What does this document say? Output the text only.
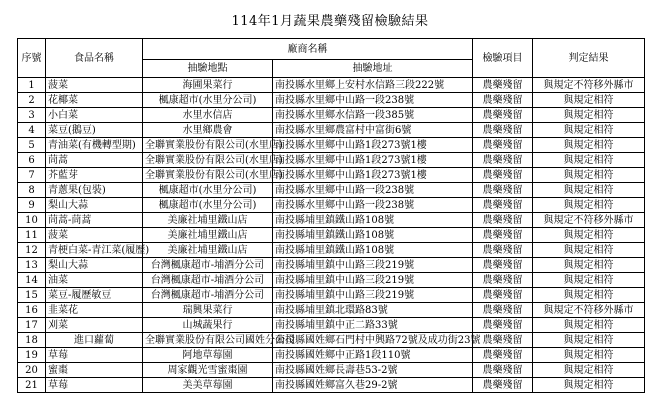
114年1月蔬果農藥殘留檢驗結果
序號	食品名稱	廠商名稱		檢驗項目	判定結果
		抽驗地點	抽驗地址		
1	菠菜	海圃果菜行	南投縣水里鄉上安村水信路三段222號	農藥殘留	與規定不符移外縣市
2	花椰菜	楓康超市(水里分公司)	南投縣水里鄉中山路一段238號	農藥殘留	與規定相符
3	小白菜	水里水信店	南投縣水里鄉水信路一段385號	農藥殘留	與規定相符
4	菜豆(鵝豆)	水里鄉農會	南投縣水里鄉農富村中富街6號	農藥殘留	與規定相符
5	青油菜(有機轉型期)	全聯實業股份有限公司(水里店)	南投縣水里鄉中山路1段273號1樓	農藥殘留	與規定相符
6	茼蒿	全聯實業股份有限公司(水里店)	南投縣水里鄉中山路1段273號1樓	農藥殘留	與規定相符
7	芥藍芽	全聯實業股份有限公司(水里店)	南投縣水里鄉中山路1段273號1樓	農藥殘留	與規定相符
8	青蔥果(包裝)	楓康超市(水里分公司)	南投縣水里鄉中山路一段238號	農藥殘留	與規定相符
9	梨山大蒜	楓康超市(水里分公司)	南投縣水里鄉中山路一段238號	農藥殘留	與規定相符
10	茼蒿-茼蒿	美廉社埔里鐵山店	南投縣埔里鎮鐵山路108號	農藥殘留	與規定不符移外縣市
11	菠菜	美廉社埔里鐵山店	南投縣埔里鎮鐵山路108號	農藥殘留	與規定相符
12	青梗白菜-青江菜(履歷)	美廉社埔里鐵山店	南投縣埔里鎮鐵山路108號	農藥殘留	與規定相符
13	梨山大蒜	台灣楓康超市-埔酒分公司	南投縣埔里鎮中山路三段219號	農藥殘留	與規定相符
14	油菜	台灣楓康超市-埔酒分公司	南投縣埔里鎮中山路三段219號	農藥殘留	與規定相符
15	菜豆-履歷敏豆	台灣楓康超市-埔酒分公司	南投縣埔里鎮中山路三段219號	農藥殘留	與規定相符
16	韭菜花	瑞興果菜行	南投縣埔里鎮北環路83號	農藥殘留	與規定不符移外縣市
17	刈菜	山城蔬果行	南投縣埔里鎮中正二路33號	農藥殘留	與規定相符
18	進口蘿蔔	全聯實業股份有限公司國姓分公司	南投縣國姓鄉石門村中興路72號及成功街23號	農藥殘留	與規定相符
19	草莓	阿地草莓園	南投縣國姓鄉中正路1段110號	農藥殘留	與規定相符
20	蜜棗	周家觀光雪蜜棗園	南投縣國姓鄉長壽巷53-2號	農藥殘留	與規定相符
21	草莓	美美草莓園	南投縣國姓鄉富久巷29-2號	農藥殘留	與規定相符
